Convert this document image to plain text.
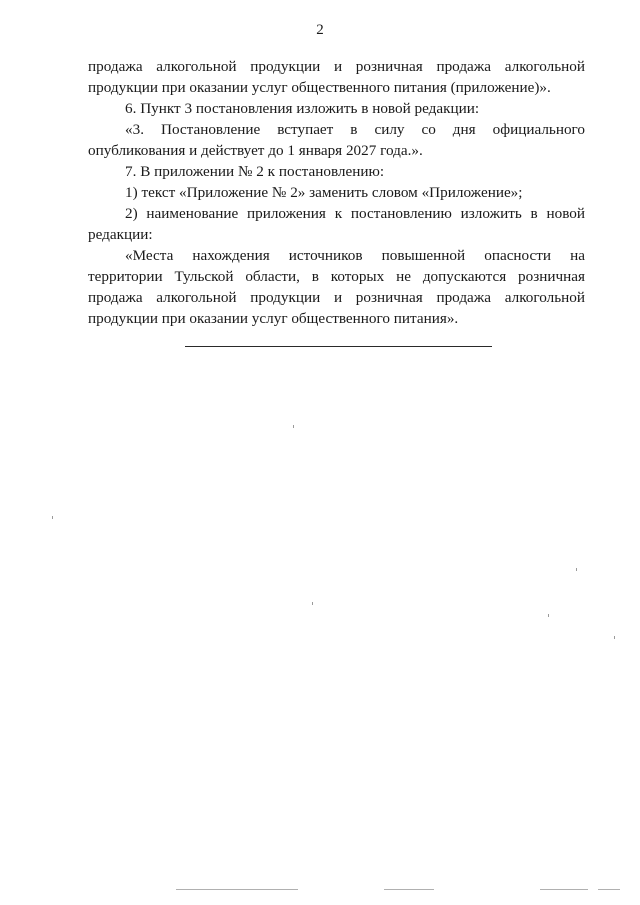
2

продажа алкогольной продукции и розничная продажа алкогольной продукции при оказании услуг общественного питания (приложение)».

6. Пункт 3 постановления изложить в новой редакции:

«3. Постановление вступает в силу со дня официального опубликования и действует до 1 января 2027 года.».

7. В приложении № 2 к постановлению:

1) текст «Приложение № 2» заменить словом «Приложение»;

2) наименование приложения к постановлению изложить в новой редакции:

«Места нахождения источников повышенной опасности на территории Тульской области, в которых не допускаются розничная продажа алкогольной продукции и розничная продажа алкогольной продукции при оказании услуг общественного питания».
